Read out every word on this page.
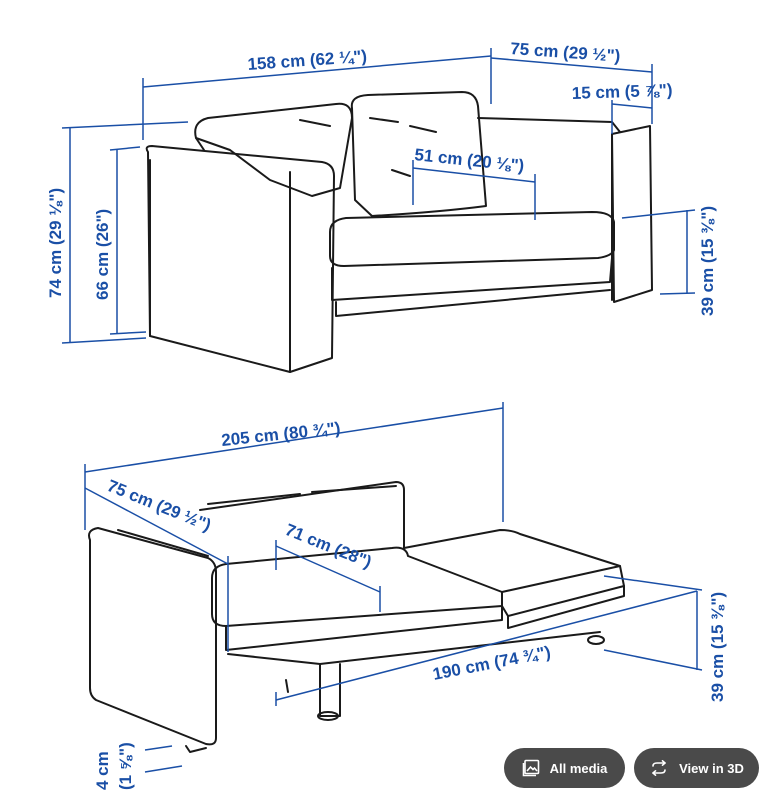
158 cm (62 ¼")	75 cm (29 ½")
15 cm (5 ⅞")
51 cm (20 ⅛")
74 cm (29 ⅛") 66 cm (26")	39 cm (15 ⅜")
205 cm (80 ¾")
75 cm (29 ½")
71 cm (28")
190 cm (74 ¾")	39 cm (15 ⅜")
4 cm (1 ⅝")	All media	View in 3D
